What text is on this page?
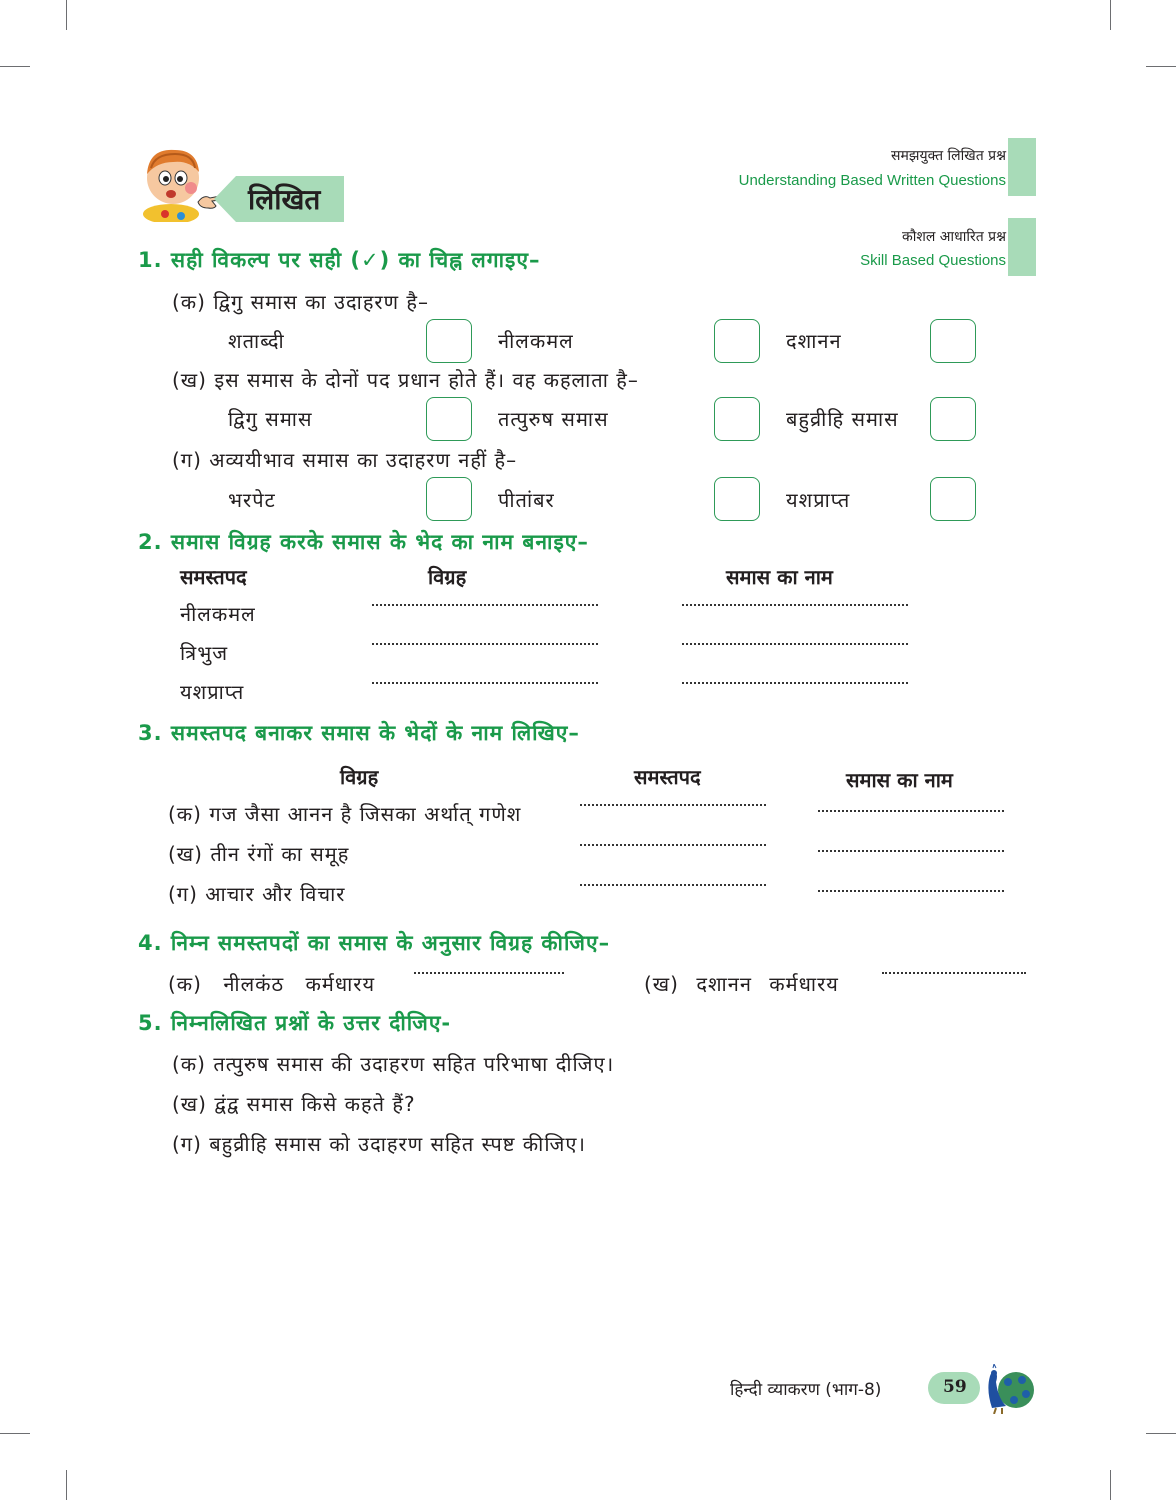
लिखित
समझयुक्त लिखित प्रश्न
Understanding Based Written Questions
कौशल आधारित प्रश्न
Skill Based Questions
1. सही विकल्प पर सही (✓) का चिह्न लगाइए–
(क) द्विगु समास का उदाहरण है–
शताब्दी	नीलकमल	दशानन
(ख) इस समास के दोनों पद प्रधान होते हैं। वह कहलाता है–
द्विगु समास	तत्पुरुष समास	बहुव्रीहि समास
(ग) अव्ययीभाव समास का उदाहरण नहीं है–
भरपेट	पीतांबर	यशप्राप्त
2. समास विग्रह करके समास के भेद का नाम बनाइए–
समस्तपद	विग्रह	समास का नाम
नीलकमल
त्रिभुज
यशप्राप्त
3. समस्तपद बनाकर समास के भेदों के नाम लिखिए–
विग्रह	समस्तपद	समास का नाम
(क) गज जैसा आनन है जिसका अर्थात् गणेश
(ख) तीन रंगों का समूह
(ग) आचार और विचार
4. निम्न समस्तपदों का समास के अनुसार विग्रह कीजिए–
(क) नीलकंठ कर्मधारय	(ख) दशानन कर्मधारय
5. निम्नलिखित प्रश्नों के उत्तर दीजिए-
(क) तत्पुरुष समास की उदाहरण सहित परिभाषा दीजिए।
(ख) द्वंद्व समास किसे कहते हैं?
(ग) बहुव्रीहि समास को उदाहरण सहित स्पष्ट कीजिए।
हिन्दी व्याकरण (भाग-8)	59
